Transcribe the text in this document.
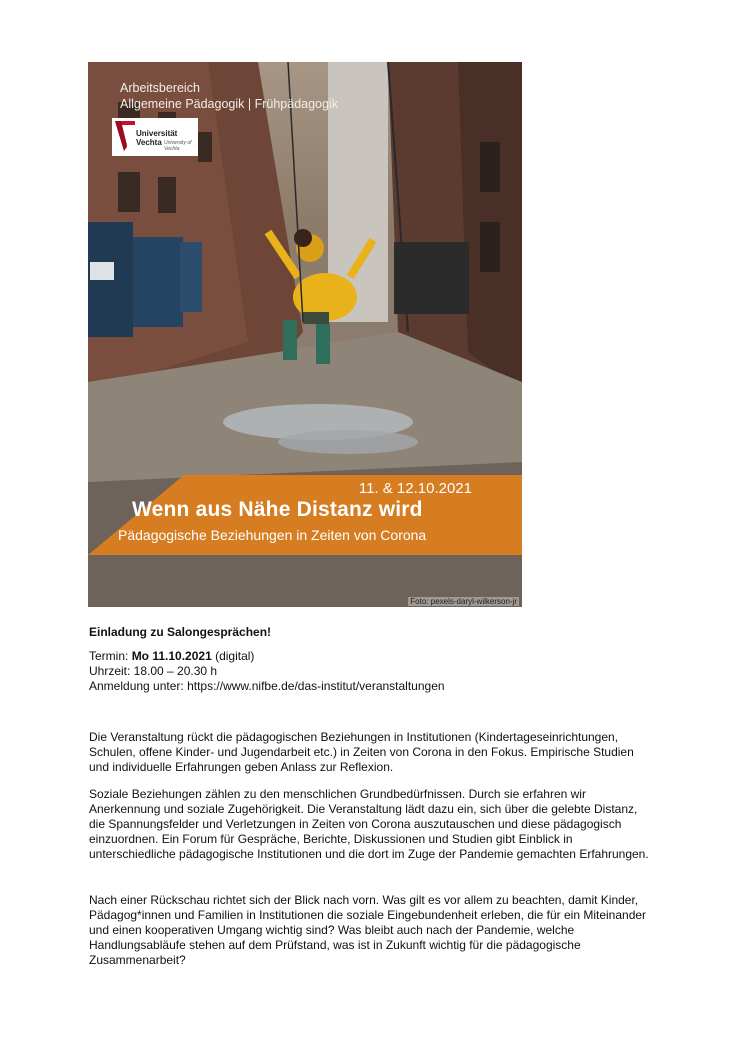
Arbeitsbereich
Allgemeine Pädagogik | Frühpädagogik
Universität Vechta University of Vechta
11. & 12.10.2021
Wenn aus Nähe Distanz wird
Pädagogische Beziehungen in Zeiten von Corona
Foto: pexels-daryl-wilkerson-jr
Einladung zu Salongesprächen!
Termin: Mo 11.10.2021 (digital)
Uhrzeit: 18.00 – 20.30 h
Anmeldung unter: https://www.nifbe.de/das-institut/veranstaltungen

Die Veranstaltung rückt die pädagogischen Beziehungen in Institutionen (Kindertageseinrichtungen, Schulen, offene Kinder- und Jugendarbeit etc.) in Zeiten von Corona in den Fokus. Empirische Studien und individuelle Erfahrungen geben Anlass zur Reflexion.

Soziale Beziehungen zählen zu den menschlichen Grundbedürfnissen. Durch sie erfahren wir Anerkennung und soziale Zugehörigkeit. Die Veranstaltung lädt dazu ein, sich über die gelebte Distanz, die Spannungsfelder und Verletzungen in Zeiten von Corona auszutauschen und diese pädagogisch einzuordnen. Ein Forum für Gespräche, Berichte, Diskussionen und Studien gibt Einblick in unterschiedliche pädagogische Institutionen und die dort im Zuge der Pandemie gemachten Erfahrungen.

Nach einer Rückschau richtet sich der Blick nach vorn. Was gilt es vor allem zu beachten, damit Kinder, Pädagog*innen und Familien in Institutionen die soziale Eingebundenheit erleben, die für ein Miteinander und einen kooperativen Umgang wichtig sind? Was bleibt auch nach der Pandemie, welche Handlungsabläufe stehen auf dem Prüfstand, was ist in Zukunft wichtig für die pädagogische Zusammenarbeit?
